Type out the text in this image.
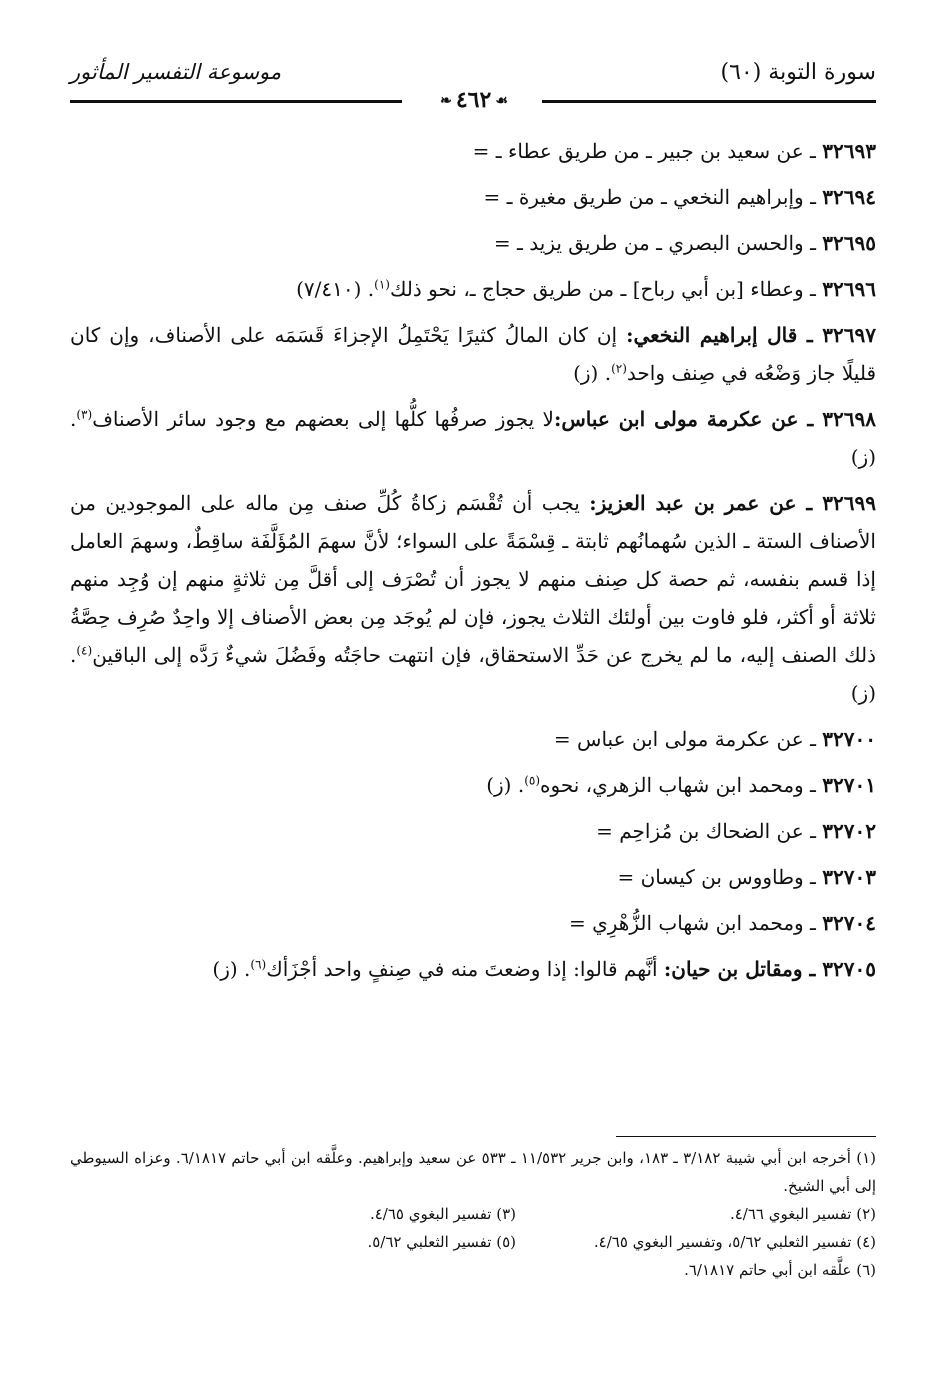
سورة التوبة (٦٠)
موسوعة التفسير المأثور
☙٤٦٢❧

٣٢٦٩٣ ـ عن سعيد بن جبير ـ من طريق عطاء ـ =

٣٢٦٩٤ ـ وإبراهيم النخعي ـ من طريق مغيرة ـ =

٣٢٦٩٥ ـ والحسن البصري ـ من طريق يزيد ـ =

٣٢٦٩٦ ـ وعطاء [بن أبي رباح] ـ من طريق حجاج ـ، نحو ذلك$^{(١)}$. (٧/٤١٠)

٣٢٦٩٧ ـ قال إبراهيم النخعي: إن كان المالُ كثيرًا يَحْتَمِلُ الإجزاءَ قَسَمَه على الأصناف، وإن كان قليلًا جاز وَضْعُه في صِنف واحد$^{(٢)}$. (ز)

٣٢٦٩٨ ـ عن عكرمة مولى ابن عباس:لا يجوز صرفُها كلُّها إلى بعضهم مع وجود سائر الأصناف$^{(٣)}$. (ز)

٣٢٦٩٩ ـ عن عمر بن عبد العزيز: يجب أن تُقْسَم زكاةُ كُلِّ صنف مِن ماله على الموجودين من الأصناف الستة ـ الذين سُهمانُهم ثابتة ـ قِسْمَةً على السواء؛ لأنَّ سهمَ المُؤَلَّفَة ساقِطٌ، وسهمَ العامل إذا قسم بنفسه، ثم حصة كل صِنف منهم لا يجوز أن تُصْرَف إلى أقلَّ مِن ثلاثةٍ منهم إن وُجِد منهم ثلاثة أو أكثر، فلو فاوت بين أولئك الثلاث يجوز، فإن لم يُوجَد مِن بعض الأصناف إلا واحِدٌ صُرِف حِصَّةُ ذلك الصنف إليه، ما لم يخرج عن حَدِّ الاستحقاق، فإن انتهت حاجَتُه وفَضُلَ شيءٌ رَدَّه إلى الباقين$^{(٤)}$. (ز)

٣٢٧٠٠ ـ عن عكرمة مولى ابن عباس =

٣٢٧٠١ ـ ومحمد ابن شهاب الزهري، نحوه$^{(٥)}$. (ز)

٣٢٧٠٢ ـ عن الضحاك بن مُزاحِم =

٣٢٧٠٣ ـ وطاووس بن كيسان =

٣٢٧٠٤ ـ ومحمد ابن شهاب الزُّهْرِي =

٣٢٧٠٥ ـ ومقاتل بن حيان: أنَّهم قالوا: إذا وضعتَ منه في صِنفٍ واحد أجْزَأك$^{(٦)}$. (ز)

(١) أخرجه ابن أبي شيبة ٣/١٨٢ ـ ١٨٣، وابن جرير ١١/٥٣٢ ـ ٥٣٣ عن سعيد وإبراهيم. وعلَّقه ابن أبي حاتم ٦/١٨١٧. وعزاه السيوطي إلى أبي الشيخ.
(٢) تفسير البغوي ٤/٦٦.
(٣) تفسير البغوي ٤/٦٥.
(٤) تفسير الثعلبي ٥/٦٢، وتفسير البغوي ٤/٦٥.
(٥) تفسير الثعلبي ٥/٦٢.
(٦) علَّقه ابن أبي حاتم ٦/١٨١٧.
